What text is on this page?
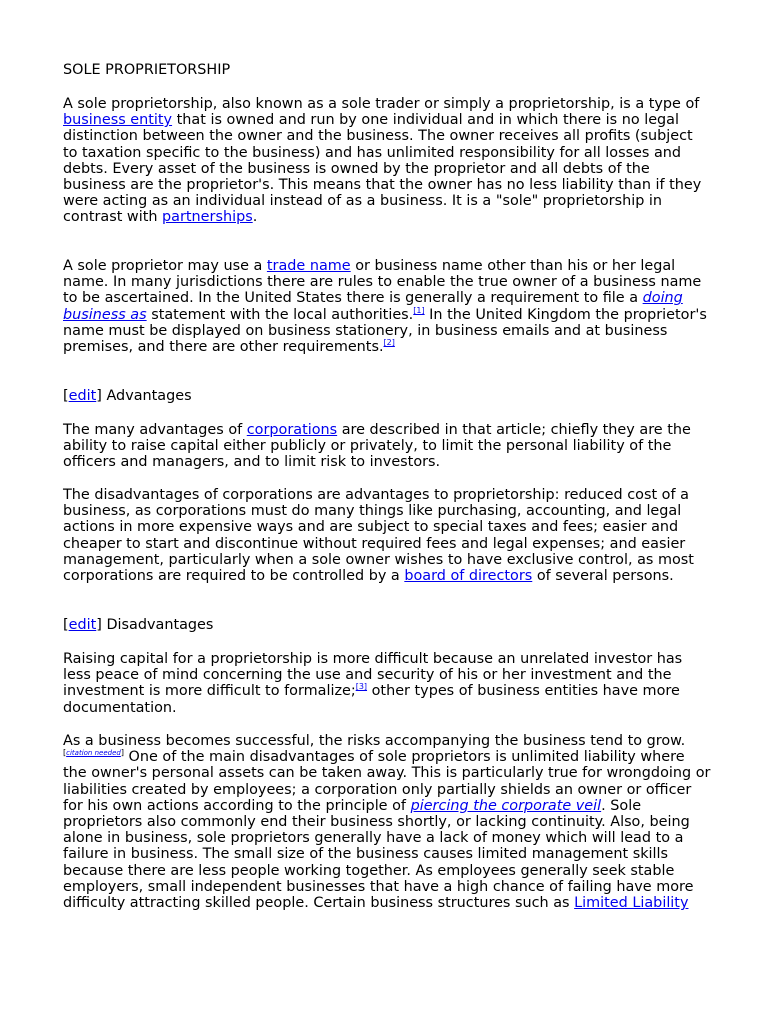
SOLE PROPRIETORSHIP

A sole proprietorship, also known as a sole trader or simply a proprietorship, is a type of business entity that is owned and run by one individual and in which there is no legal distinction between the owner and the business. The owner receives all profits (subject to taxation specific to the business) and has unlimited responsibility for all losses and debts. Every asset of the business is owned by the proprietor and all debts of the business are the proprietor's. This means that the owner has no less liability than if they were acting as an individual instead of as a business. It is a "sole" proprietorship in contrast with partnerships.

A sole proprietor may use a trade name or business name other than his or her legal name. In many jurisdictions there are rules to enable the true owner of a business name to be ascertained. In the United States there is generally a requirement to file a doing business as statement with the local authorities.[1] In the United Kingdom the proprietor's name must be displayed on business stationery, in business emails and at business premises, and there are other requirements.[2]

[edit] Advantages

The many advantages of corporations are described in that article; chiefly they are the ability to raise capital either publicly or privately, to limit the personal liability of the officers and managers, and to limit risk to investors.

The disadvantages of corporations are advantages to proprietorship: reduced cost of a business, as corporations must do many things like purchasing, accounting, and legal actions in more expensive ways and are subject to special taxes and fees; easier and cheaper to start and discontinue without required fees and legal expenses; and easier management, particularly when a sole owner wishes to have exclusive control, as most corporations are required to be controlled by a board of directors of several persons.

[edit] Disadvantages

Raising capital for a proprietorship is more difficult because an unrelated investor has less peace of mind concerning the use and security of his or her investment and the investment is more difficult to formalize;[3] other types of business entities have more documentation.

As a business becomes successful, the risks accompanying the business tend to grow.[citation needed] One of the main disadvantages of sole proprietors is unlimited liability where the owner's personal assets can be taken away. This is particularly true for wrongdoing or liabilities created by employees; a corporation only partially shields an owner or officer for his own actions according to the principle of piercing the corporate veil. Sole proprietors also commonly end their business shortly, or lacking continuity. Also, being alone in business, sole proprietors generally have a lack of money which will lead to a failure in business. The small size of the business causes limited management skills because there are less people working together. As employees generally seek stable employers, small independent businesses that have a high chance of failing have more difficulty attracting skilled people. Certain business structures such as Limited Liability
